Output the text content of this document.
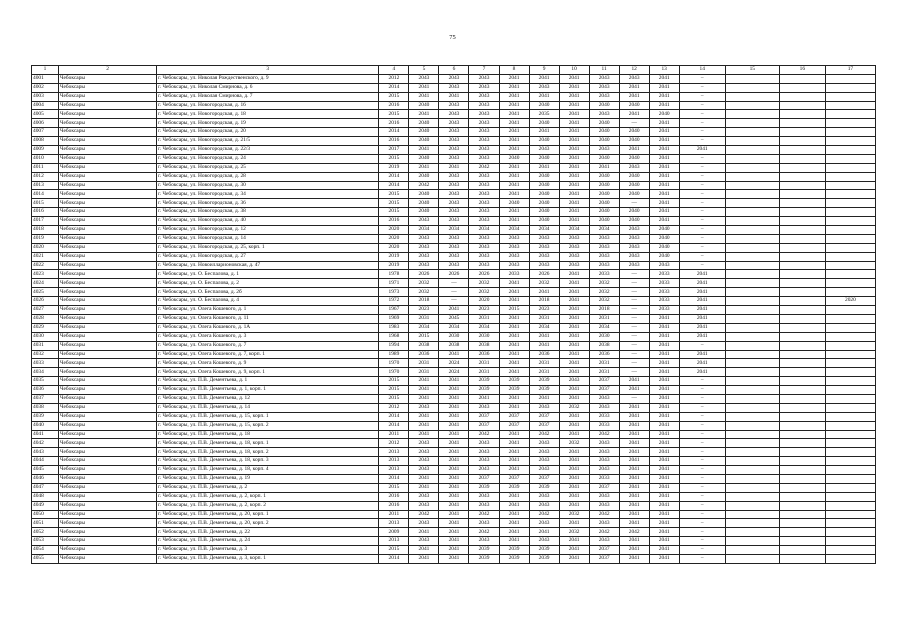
75
1	2	3	4	5	6	7	8	9	10	11	12	13	14	15	16	17
4001	Чебоксары	г. Чебоксары, ул. Николая Рождественского, д. 9	2012	2043	2043	2043	2041	2041	2041	2043	2043	2041	–			
4002	Чебоксары	г. Чебоксары, ул. Николая Смирнова, д. 6	2014	2041	2043	2043	2041	2043	2041	2043	2041	2041	–			
4003	Чебоксары	г. Чебоксары, ул. Николая Смирнова, д. 7	2015	2041	2041	2043	2041	2041	2041	2043	2041	2041	–			
4004	Чебоксары	г. Чебоксары, ул. Новогородская, д. 16	2016	2040	2043	2043	2041	2040	2041	2040	2040	2041	–			
4005	Чебоксары	г. Чебоксары, ул. Новогородская, д. 18	2015	2041	2043	2043	2041	2035	2041	2043	2041	2040	–			
4006	Чебоксары	г. Чебоксары, ул. Новогородская, д. 19	2016	2040	2043	2043	2041	2040	2041	2040	—	2041	–			
4007	Чебоксары	г. Чебоксары, ул. Новогородская, д. 20	2014	2040	2043	2043	2041	2041	2041	2040	2040	2041	–			
4008	Чебоксары	г. Чебоксары, ул. Новогородская, д. 21/5	2016	2040	2043	2043	2041	2040	2041	2040	2040	2041	–			
4009	Чебоксары	г. Чебоксары, ул. Новогородская, д. 22/3	2017	2041	2043	2043	2041	2043	2041	2043	2041	2041	2041			
4010	Чебоксары	г. Чебоксары, ул. Новогородская, д. 24	2015	2040	2043	2043	2040	2040	2041	2040	2040	2041	–			
4011	Чебоксары	г. Чебоксары, ул. Новогородская, д. 25	2019	2041	2041	2042	2041	2041	2041	2041	2043	2041	–			
4012	Чебоксары	г. Чебоксары, ул. Новогородская, д. 28	2014	2040	2043	2043	2041	2040	2041	2040	2040	2041	–			
4013	Чебоксары	г. Чебоксары, ул. Новогородская, д. 30	2014	2042	2043	2043	2041	2040	2041	2040	2040	2041	–			
4014	Чебоксары	г. Чебоксары, ул. Новогородская, д. 34	2015	2040	2043	2043	2041	2040	2041	2040	2040	2041	–			
4015	Чебоксары	г. Чебоксары, ул. Новогородская, д. 36	2015	2040	2043	2043	2040	2040	2041	2040	—	2041	–			
4016	Чебоксары	г. Чебоксары, ул. Новогородская, д. 38	2015	2040	2043	2043	2041	2040	2041	2040	2040	2041	–			
4017	Чебоксары	г. Чебоксары, ул. Новогородская, д. 40	2016	2043	2043	2043	2041	2040	2041	2040	2040	2041	–			
4018	Чебоксары	г. Чебоксары, ул. Новогородская, д. 12	2020	2034	2034	2034	2034	2034	2034	2034	2043	2040	–			
4019	Чебоксары	г. Чебоксары, ул. Новогородская, д. 14	2020	2043	2043	2043	2043	2043	2043	2043	2043	2040	–			
4020	Чебоксары	г. Чебоксары, ул. Новогородская, д. 25, корп. 1	2020	2043	2043	2043	2043	2043	2043	2043	2043	2040	–			
4021	Чебоксары	г. Чебоксары, ул. Новогородская, д. 27	2019	2043	2043	2043	2043	2043	2043	2043	2043	2040	–			
4022	Чебоксары	г. Чебоксары, ул. Новоилларионовская, д. 47	2019	2043	2043	2043	2043	2043	2043	2043	2043	2043	–			
4023	Чебоксары	г. Чебоксары, ул. О. Беспалова, д. 1	1978	2026	2026	2026	2033	2026	2041	2033	—	2033	2041			
4024	Чебоксары	г. Чебоксары, ул. О. Беспалова, д. 2	1971	2032	—	2032	2041	2032	2041	2032	—	2033	2041			
4025	Чебоксары	г. Чебоксары, ул. О. Беспалова, д. 2б	1973	2032	—	2032	2041	2041	2041	2032	—	2033	2041			
4026	Чебоксары	г. Чебоксары, ул. О. Беспалова, д. 4	1972	2018	—	2020	2041	2018	2041	2032	—	2033	2041			2020
4027	Чебоксары	г. Чебоксары, ул. Олега Кошевого, д. 1	1967	2023	2041	2023	2015	2023	2041	2018	—	2033	2041			
4028	Чебоксары	г. Чебоксары, ул. Олега Кошевого, д. 11	1969	2031	2045	2031	2041	2031	2041	2031	—	2041	2041			
4029	Чебоксары	г. Чебоксары, ул. Олега Кошевого, д. 1А	1983	2034	2034	2034	2041	2034	2041	2034	—	2041	2041			
4030	Чебоксары	г. Чебоксары, ул. Олега Кошевого, д. 3	1968	2015	2030	2030	2041	2041	2041	2030	—	2041	2041			
4031	Чебоксары	г. Чебоксары, ул. Олега Кошевого, д. 7	1994	2038	2038	2038	2041	2041	2041	2038	—	2041	–			
4032	Чебоксары	г. Чебоксары, ул. Олега Кошевого, д. 7, корп. 1	1989	2036	2041	2036	2041	2036	2041	2036	—	2041	2041			
4033	Чебоксары	г. Чебоксары, ул. Олега Кошевого, д. 9	1970	2031	2024	2031	2041	2031	2041	2031	—	2041	2041			
4034	Чебоксары	г. Чебоксары, ул. Олега Кошевого, д. 9, корп. 1	1970	2031	2024	2031	2041	2031	2041	2031	—	2041	2041			
4035	Чебоксары	г. Чебоксары, ул. П.В. Дементьева, д. 1	2015	2041	2041	2039	2039	2039	2043	2037	2041	2041	–			
4036	Чебоксары	г. Чебоксары, ул. П.В. Дементьева, д. 1, корп. 1	2015	2041	2041	2039	2039	2039	2041	2037	2041	2041	–			
4037	Чебоксары	г. Чебоксары, ул. П.В. Дементьева, д. 12	2015	2041	2041	2041	2041	2041	2041	2043	—	2041	–			
4038	Чебоксары	г. Чебоксары, ул. П.В. Дементьева, д. 14	2012	2043	2041	2043	2041	2043	2032	2043	2041	2041	–			
4039	Чебоксары	г. Чебоксары, ул. П.В. Дементьева, д. 15, корп. 1	2014	2041	2041	2037	2037	2037	2041	2033	2041	2041	–			
4040	Чебоксары	г. Чебоксары, ул. П.В. Дементьева, д. 15, корп. 2	2014	2041	2041	2037	2037	2037	2041	2033	2041	2041	–			
4041	Чебоксары	г. Чебоксары, ул. П.В. Дементьева, д. 18	2011	2041	2041	2042	2041	2042	2041	2042	2041	2041	–			
4042	Чебоксары	г. Чебоксары, ул. П.В. Дементьева, д. 18, корп. 1	2012	2043	2041	2043	2041	2043	2032	2043	2041	2041	–			
4043	Чебоксары	г. Чебоксары, ул. П.В. Дементьева, д. 18, корп. 2	2013	2043	2041	2043	2041	2043	2041	2043	2041	2041	–			
4044	Чебоксары	г. Чебоксары, ул. П.В. Дементьева, д. 18, корп. 3	2013	2043	2041	2043	2041	2043	2041	2043	2041	2041	–			
4045	Чебоксары	г. Чебоксары, ул. П.В. Дементьева, д. 18, корп. 4	2013	2043	2041	2043	2041	2043	2041	2043	2041	2041	–			
4046	Чебоксары	г. Чебоксары, ул. П.В. Дементьева, д. 19	2014	2041	2041	2037	2037	2037	2041	2033	2041	2041	–			
4047	Чебоксары	г. Чебоксары, ул. П.В. Дементьева, д. 2	2015	2041	2041	2039	2039	2039	2041	2037	2041	2041	–			
4048	Чебоксары	г. Чебоксары, ул. П.В. Дементьева, д. 2, корп. 1	2016	2043	2041	2043	2041	2043	2041	2043	2041	2041	–			
4049	Чебоксары	г. Чебоксары, ул. П.В. Дементьева, д. 2, корп. 2	2016	2043	2041	2043	2041	2043	2041	2043	2041	2041	–			
4050	Чебоксары	г. Чебоксары, ул. П.В. Дементьева, д. 20, корп. 1	2011	2042	2041	2042	2041	2042	2032	2042	2041	2041	–			
4051	Чебоксары	г. Чебоксары, ул. П.В. Дементьева, д. 20, корп. 2	2013	2043	2041	2043	2041	2043	2041	2043	2041	2041	–			
4052	Чебоксары	г. Чебоксары, ул. П.В. Дементьева, д. 22	2009	2041	2041	2042	2041	2041	2032	2042	2042	2041	–			
4053	Чебоксары	г. Чебоксары, ул. П.В. Дементьева, д. 24	2013	2043	2041	2043	2041	2043	2041	2043	2041	2041	–			
4054	Чебоксары	г. Чебоксары, ул. П.В. Дементьева, д. 3	2015	2041	2041	2039	2039	2039	2041	2037	2041	2041	–			
4055	Чебоксары	г. Чебоксары, ул. П.В. Дементьева, д. 3, корп. 1	2014	2041	2041	2039	2039	2039	2041	2037	2041	2041	–			
